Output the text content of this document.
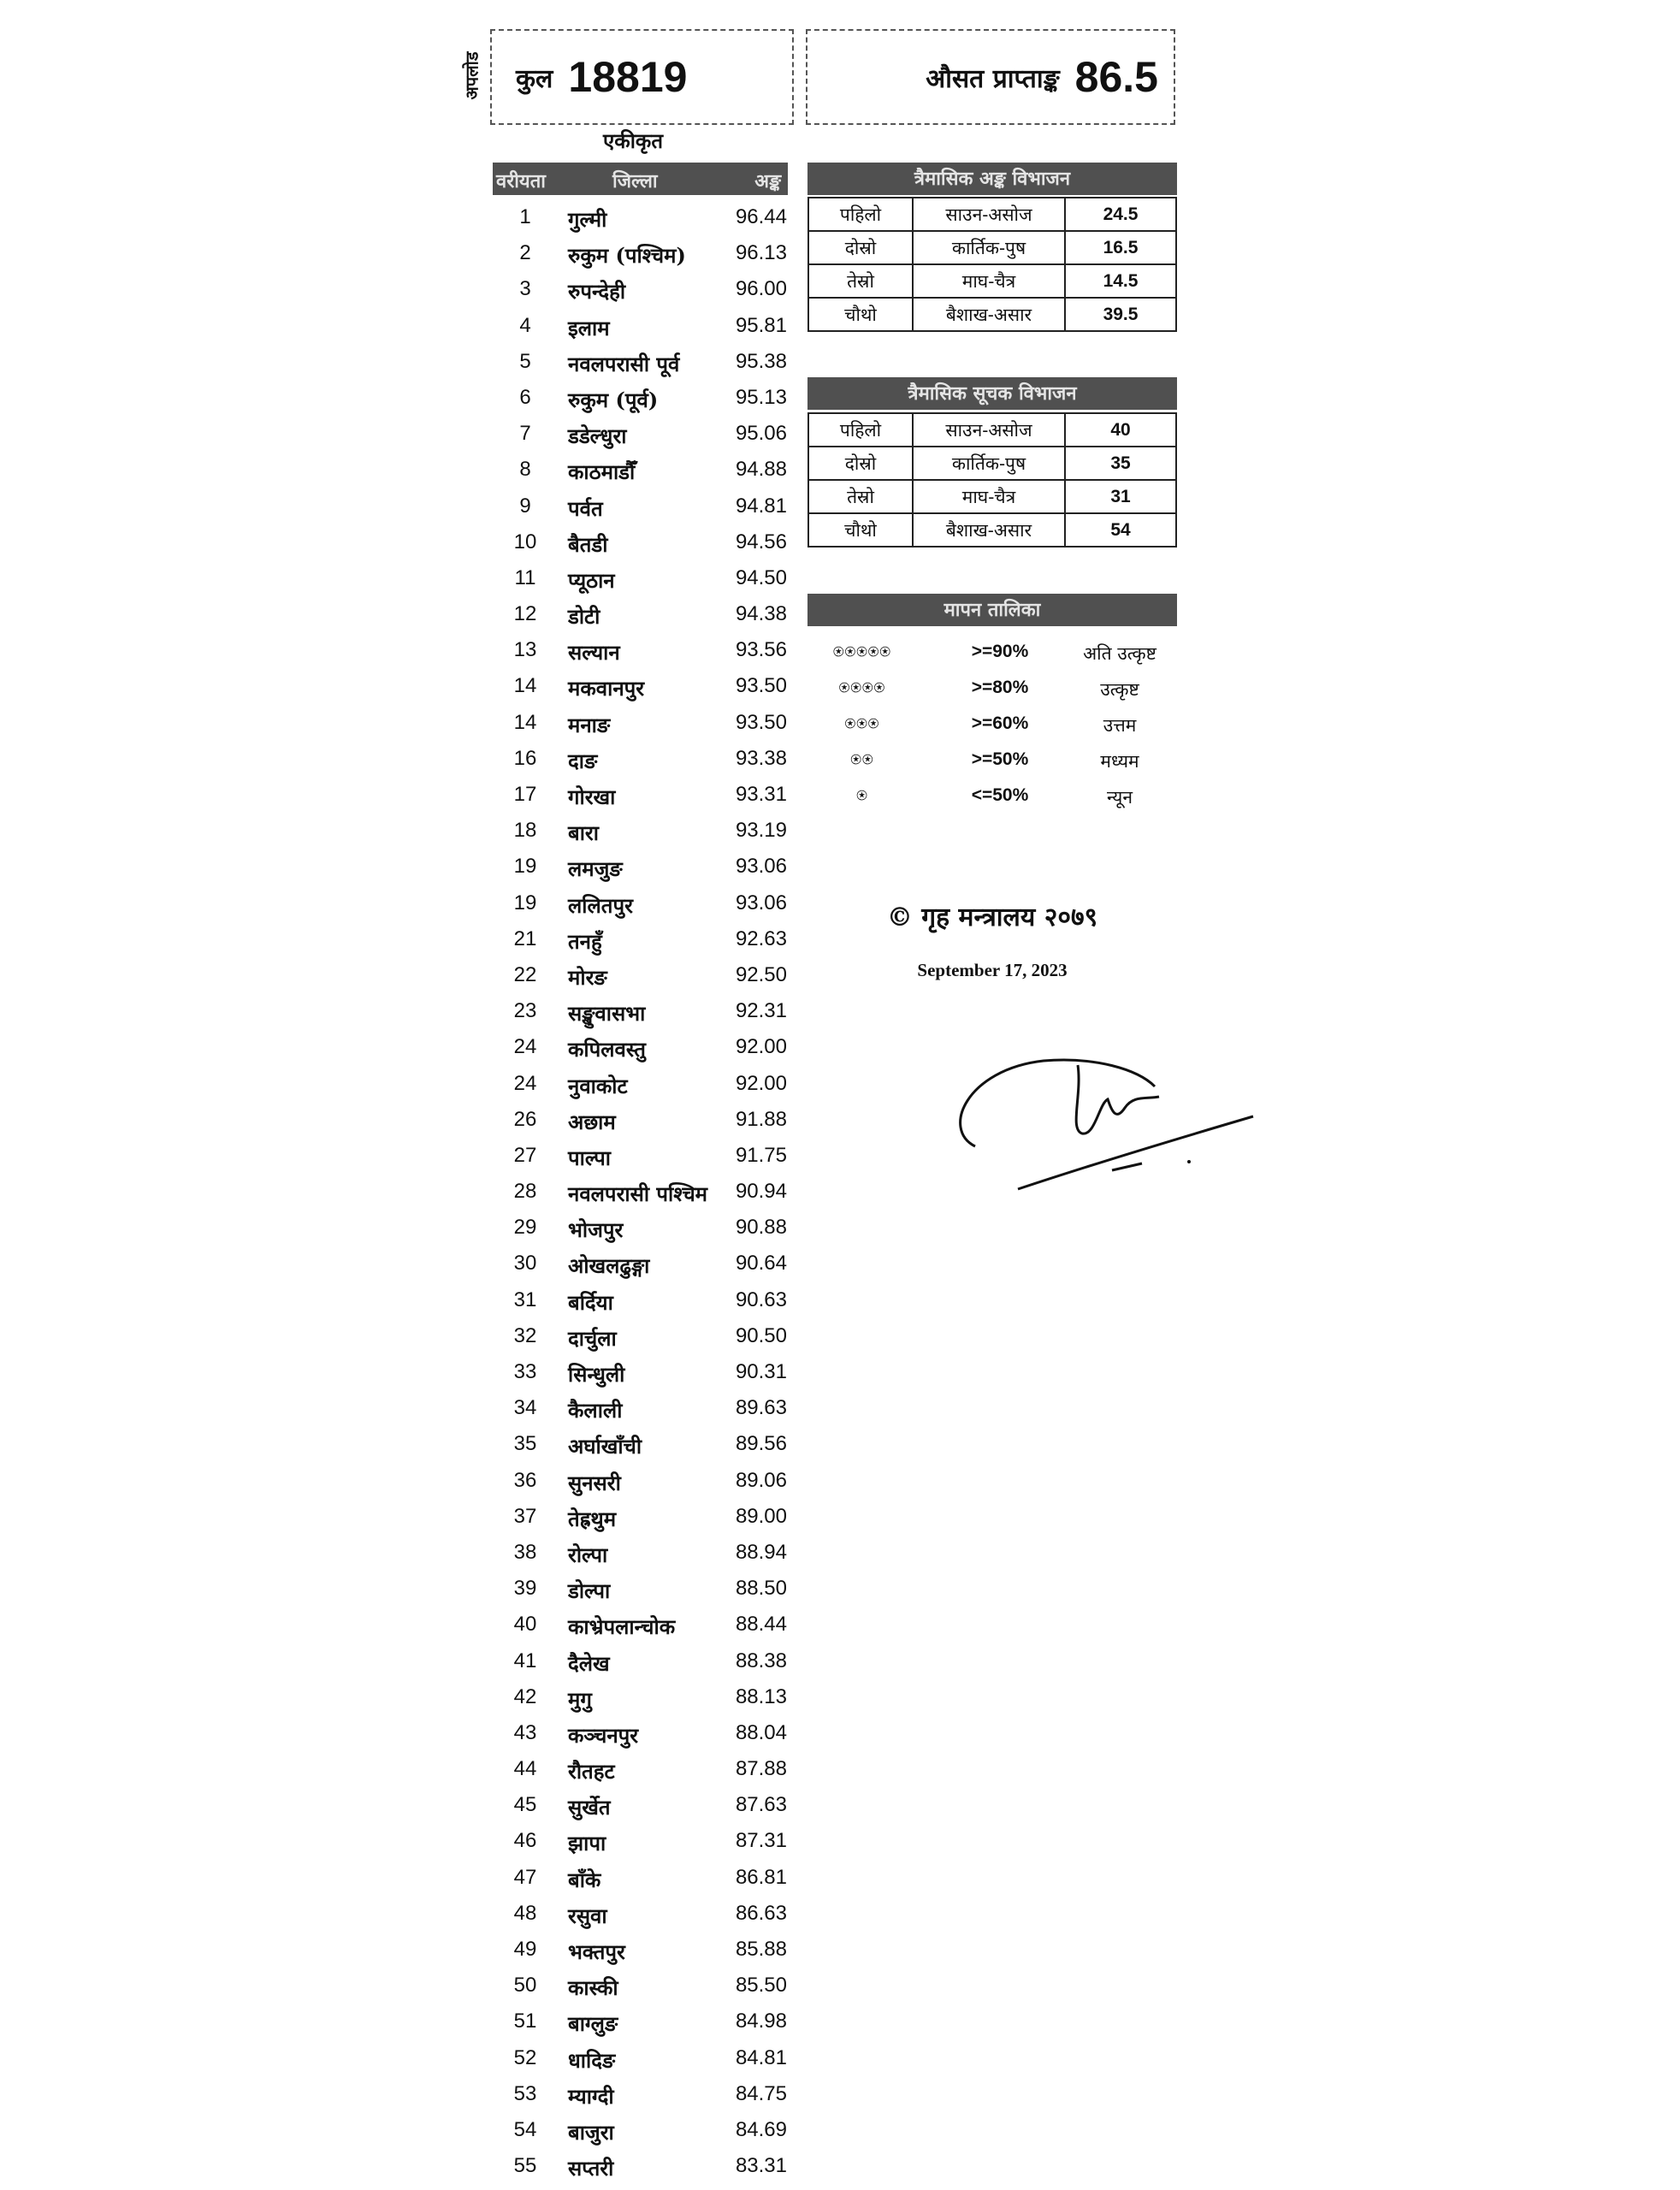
अपलोड कुल 18819	औसत प्राप्ताङ्क 86.5
एकीकृत
वरीयता	जिल्ला	अङ्क
1	गुल्मी	96.44
2	रुकुम (पश्चिम) 96.13
3	रुपन्देही	96.00
4	इलाम	95.81
5	नवलपरासी पूर्व	95.38
6	रुकुम (पूर्व)	95.13
7	डडेल्धुरा	95.06
8	काठमाडौँ	94.88
9	पर्वत	94.81
10	बैतडी	94.56
11	प्यूठान	94.50
12	डोटी	94.38
13	सल्यान	93.56
14	मकवानपुर	93.50
14	मनाङ	93.50
16	दाङ	93.38
17	गोरखा	93.31
18	बारा	93.19
19	लमजुङ	93.06
19	ललितपुर	93.06
21	तनहुँ	92.63
22	मोरङ	92.50
23	सङ्खुवासभा	92.31
24	कपिलवस्तु	92.00
24	नुवाकोट	92.00
26	अछाम	91.88
27	पाल्पा	91.75
28	नवलपरासी पश्चिम 90.94
29	भोजपुर	90.88
30	ओखलढुङ्गा	90.64
31	बर्दिया	90.63
32	दार्चुला	90.50
33	सिन्धुली	90.31
34	कैलाली	89.63
35	अर्घाखाँची	89.56
36	सुनसरी	89.06
37	तेह्रथुम	89.00
38	रोल्पा	88.94
39	डोल्पा	88.50
40	काभ्रेपलान्चोक	88.44
41	दैलेख	88.38
42	मुगु	88.13
43	कञ्चनपुर	88.04
44	रौतहट	87.88
45	सुर्खेत	87.63
46	झापा	87.31
47	बाँके	86.81
48	रसुवा	86.63
49	भक्तपुर	85.88
50	कास्की	85.50
51	बाग्लुङ	84.98
52	धादिङ	84.81
53	म्याग्दी	84.75
54	बाजुरा	84.69
55	सप्तरी	83.31
त्रैमासिक अङ्क विभाजन
पहिलो	साउन-असोज	24.5
दोस्रो	कार्तिक-पुष	16.5
तेस्रो	माघ-चैत्र	14.5
चौथो	बैशाख-असार	39.5
त्रैमासिक सूचक विभाजन
पहिलो	साउन-असोज	40
दोस्रो	कार्तिक-पुष	35
तेस्रो	माघ-चैत्र	31
चौथो	बैशाख-असार	54
मापन तालिका
⍟⍟⍟⍟⍟	>=90%	अति उत्कृष्ट
⍟⍟⍟⍟	>=80%	उत्कृष्ट
⍟⍟⍟	>=60%	उत्तम
⍟⍟	>=50%	मध्यम
⍟	<=50%	न्यून
© गृह मन्त्रालय २०७९
September 17, 2023
